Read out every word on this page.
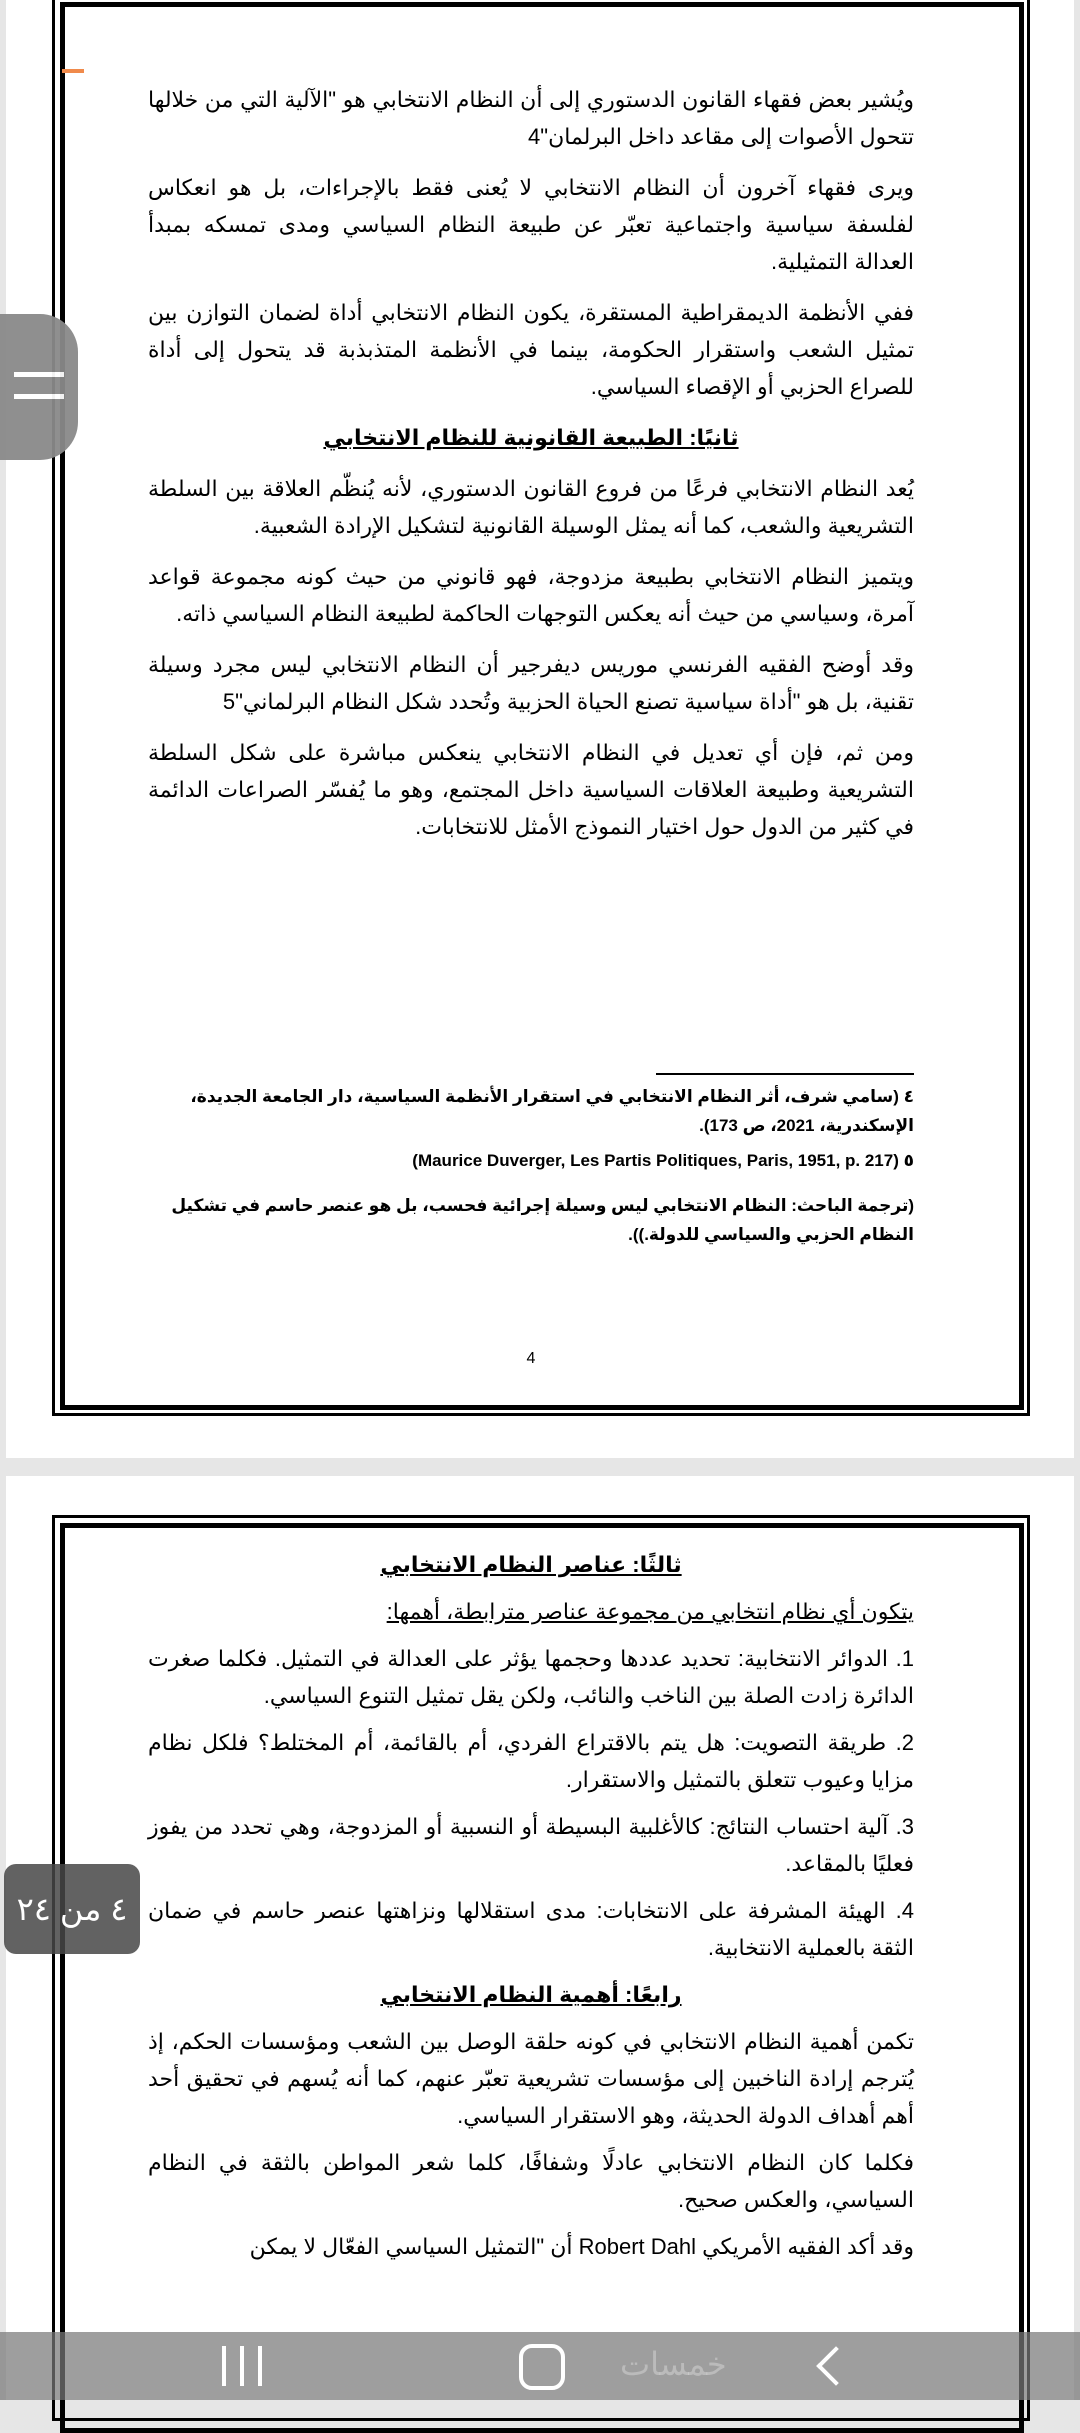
ويُشير بعض فقهاء القانون الدستوري إلى أن النظام الانتخابي هو "الآلية التي من خلالها تتحول الأصوات إلى مقاعد داخل البرلمان"4
ويرى فقهاء آخرون أن النظام الانتخابي لا يُعنى فقط بالإجراءات، بل هو انعكاس لفلسفة سياسية واجتماعية تعبّر عن طبيعة النظام السياسي ومدى تمسكه بمبدأ العدالة التمثيلية.
ففي الأنظمة الديمقراطية المستقرة، يكون النظام الانتخابي أداة لضمان التوازن بين تمثيل الشعب واستقرار الحكومة، بينما في الأنظمة المتذبذبة قد يتحول إلى أداة للصراع الحزبي أو الإقصاء السياسي.
ثانيًا: الطبيعة القانونية للنظام الانتخابي
يُعد النظام الانتخابي فرعًا من فروع القانون الدستوري، لأنه يُنظّم العلاقة بين السلطة التشريعية والشعب، كما أنه يمثل الوسيلة القانونية لتشكيل الإرادة الشعبية.
ويتميز النظام الانتخابي بطبيعة مزدوجة، فهو قانوني من حيث كونه مجموعة قواعد آمرة، وسياسي من حيث أنه يعكس التوجهات الحاكمة لطبيعة النظام السياسي ذاته.
وقد أوضح الفقيه الفرنسي موريس ديفرجير أن النظام الانتخابي ليس مجرد وسيلة تقنية، بل هو "أداة سياسية تصنع الحياة الحزبية وتُحدد شكل النظام البرلماني"5
ومن ثم، فإن أي تعديل في النظام الانتخابي ينعكس مباشرة على شكل السلطة التشريعية وطبيعة العلاقات السياسية داخل المجتمع، وهو ما يُفسّر الصراعات الدائمة في كثير من الدول حول اختيار النموذج الأمثل للانتخابات.
٤ (سامي شرف، أثر النظام الانتخابي في استقرار الأنظمة السياسية، دار الجامعة الجديدة، الإسكندرية، 2021، ص 173).
(Maurice Duverger, Les Partis Politiques, Paris, 1951, p. 217) ٥
(ترجمة الباحث: النظام الانتخابي ليس وسيلة إجرائية فحسب، بل هو عنصر حاسم في تشكيل النظام الحزبي والسياسي للدولة.)).
4
ثالثًا: عناصر النظام الانتخابي
يتكون أي نظام انتخابي من مجموعة عناصر مترابطة، أهمها:
1. الدوائر الانتخابية: تحديد عددها وحجمها يؤثر على العدالة في التمثيل. فكلما صغرت الدائرة زادت الصلة بين الناخب والنائب، ولكن يقل تمثيل التنوع السياسي.
2. طريقة التصويت: هل يتم بالاقتراع الفردي، أم بالقائمة، أم المختلط؟ فلكل نظام مزايا وعيوب تتعلق بالتمثيل والاستقرار.
3. آلية احتساب النتائج: كالأغلبية البسيطة أو النسبية أو المزدوجة، وهي تحدد من يفوز فعليًا بالمقاعد.
4. الهيئة المشرفة على الانتخابات: مدى استقلالها ونزاهتها عنصر حاسم في ضمان الثقة بالعملية الانتخابية.
رابعًا: أهمية النظام الانتخابي
تكمن أهمية النظام الانتخابي في كونه حلقة الوصل بين الشعب ومؤسسات الحكم، إذ يُترجم إرادة الناخبين إلى مؤسسات تشريعية تعبّر عنهم، كما أنه يُسهم في تحقيق أحد أهم أهداف الدولة الحديثة، وهو الاستقرار السياسي.
فكلما كان النظام الانتخابي عادلًا وشفافًا، كلما شعر المواطن بالثقة في النظام السياسي، والعكس صحيح.
وقد أكد الفقيه الأمريكي Robert Dahl أن "التمثيل السياسي الفعّال لا يمكن
٤ من ٢٤
خمسات
